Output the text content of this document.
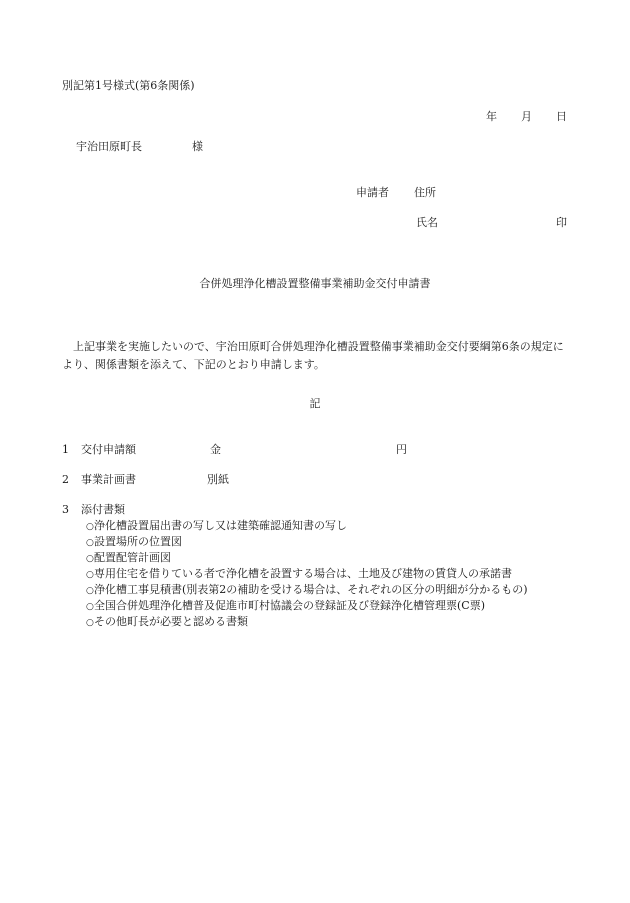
別記第1号様式(第6条関係)
年 月 日
宇治田原町長	様
申請者 住所
氏名	印
合併処理浄化槽設置整備事業補助金交付申請書

上記事業を実施したいので、宇治田原町合併処理浄化槽設置整備事業補助金交付要綱第6条の規定により、関係書類を添えて、下記のとおり申請します。

記
1 交付申請額	金	円
2 事業計画書	別紙
3 添付書類
○浄化槽設置届出書の写し又は建築確認通知書の写し
○設置場所の位置図
○配置配管計画図
○専用住宅を借りている者で浄化槽を設置する場合は、土地及び建物の賃貸人の承諾書
○浄化槽工事見積書(別表第2の補助を受ける場合は、それぞれの区分の明細が分かるもの)
○全国合併処理浄化槽普及促進市町村協議会の登録証及び登録浄化槽管理票(C票)
○その他町長が必要と認める書類
